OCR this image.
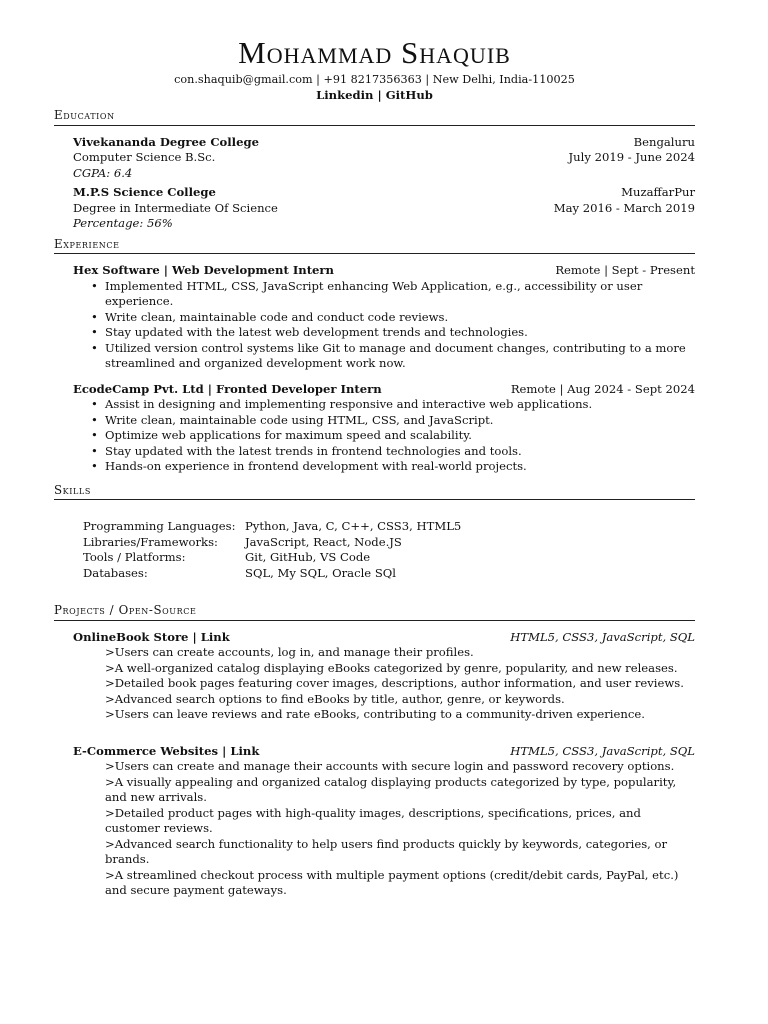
Mohammad Shaquib
con.shaquib@gmail.com | +91 8217356363 | New Delhi, India-110025
Linkedin | GitHub
Education
Vivekananda Degree College	Bengaluru
Computer Science B.Sc.	July 2019 - June 2024
CGPA: 6.4
M.P.S Science College	MuzaffarPur
Degree in Intermediate Of Science	May 2016 - March 2019
Percentage: 56%
Experience
Hex Software | Web Development Intern	Remote | Sept - Present
• Implemented HTML, CSS, JavaScript enhancing Web Application, e.g., accessibility or user experience.
• Write clean, maintainable code and conduct code reviews.
• Stay updated with the latest web development trends and technologies.
• Utilized version control systems like Git to manage and document changes, contributing to a more streamlined and organized development work now.
EcodeCamp Pvt. Ltd | Fronted Developer Intern	Remote | Aug 2024 - Sept 2024
• Assist in designing and implementing responsive and interactive web applications.
• Write clean, maintainable code using HTML, CSS, and JavaScript.
• Optimize web applications for maximum speed and scalability.
• Stay updated with the latest trends in frontend technologies and tools.
• Hands-on experience in frontend development with real-world projects.
Skills
Programming Languages: Python, Java, C, C++, CSS3, HTML5
Libraries/Frameworks:	JavaScript, React, Node.JS
Tools / Platforms:	Git, GitHub, VS Code
Databases:	SQL, My SQL, Oracle SQl
Projects / Open-Source
OnlineBook Store | Link	HTML5, CSS3, JavaScript, SQL
>Users can create accounts, log in, and manage their profiles.
>A well-organized catalog displaying eBooks categorized by genre, popularity, and new releases.
>Detailed book pages featuring cover images, descriptions, author information, and user reviews.
>Advanced search options to find eBooks by title, author, genre, or keywords.
>Users can leave reviews and rate eBooks, contributing to a community-driven experience.
E-Commerce Websites | Link	HTML5, CSS3, JavaScript, SQL
>Users can create and manage their accounts with secure login and password recovery options.
>A visually appealing and organized catalog displaying products categorized by type, popularity, and new arrivals.
>Detailed product pages with high-quality images, descriptions, specifications, prices, and customer reviews.
>Advanced search functionality to help users find products quickly by keywords, categories, or brands.
>A streamlined checkout process with multiple payment options (credit/debit cards, PayPal, etc.) and secure payment gateways.
